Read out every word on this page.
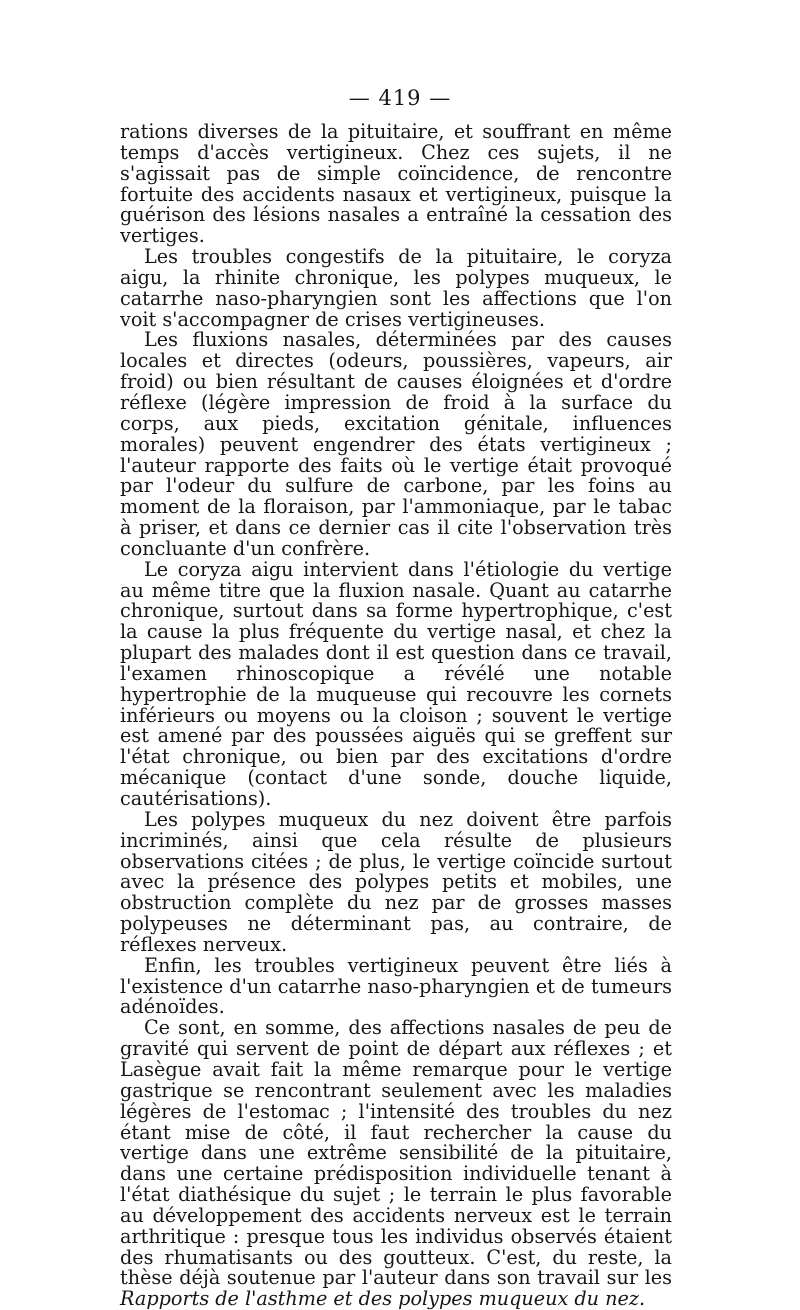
— 419 —

rations diverses de la pituitaire, et souffrant en même temps d'accès vertigineux. Chez ces sujets, il ne s'agissait pas de simple coïncidence, de rencontre fortuite des accidents nasaux et vertigineux, puisque la guérison des lésions nasales a entraîné la cessation des vertiges.

Les troubles congestifs de la pituitaire, le coryza aigu, la rhinite chronique, les polypes muqueux, le catarrhe naso-pharyngien sont les affections que l'on voit s'accompagner de crises vertigineuses.

Les fluxions nasales, déterminées par des causes locales et directes (odeurs, poussières, vapeurs, air froid) ou bien résultant de causes éloignées et d'ordre réflexe (légère impression de froid à la surface du corps, aux pieds, excitation génitale, influences morales) peuvent engendrer des états vertigineux ; l'auteur rapporte des faits où le vertige était provoqué par l'odeur du sulfure de carbone, par les foins au moment de la floraison, par l'ammoniaque, par le tabac à priser, et dans ce dernier cas il cite l'observation très concluante d'un confrère.

Le coryza aigu intervient dans l'étiologie du vertige au même titre que la fluxion nasale. Quant au catarrhe chronique, surtout dans sa forme hypertrophique, c'est la cause la plus fréquente du vertige nasal, et chez la plupart des malades dont il est question dans ce travail, l'examen rhinoscopique a révélé une notable hypertrophie de la muqueuse qui recouvre les cornets inférieurs ou moyens ou la cloison ; souvent le vertige est amené par des poussées aiguës qui se greffent sur l'état chronique, ou bien par des excitations d'ordre mécanique (contact d'une sonde, douche liquide, cautérisations).

Les polypes muqueux du nez doivent être parfois incriminés, ainsi que cela résulte de plusieurs observations citées ; de plus, le vertige coïncide surtout avec la présence des polypes petits et mobiles, une obstruction complète du nez par de grosses masses polypeuses ne déterminant pas, au contraire, de réflexes nerveux.

Enfin, les troubles vertigineux peuvent être liés à l'existence d'un catarrhe naso-pharyngien et de tumeurs adénoïdes.

Ce sont, en somme, des affections nasales de peu de gravité qui servent de point de départ aux réflexes ; et Lasègue avait fait la même remarque pour le vertige gastrique se rencontrant seulement avec les maladies légères de l'estomac ; l'intensité des troubles du nez étant mise de côté, il faut rechercher la cause du vertige dans une extrême sensibilité de la pituitaire, dans une certaine prédisposition individuelle tenant à l'état diathésique du sujet ; le terrain le plus favorable au développement des accidents nerveux est le terrain arthritique : presque tous les individus observés étaient des rhumatisants ou des goutteux. C'est, du reste, la thèse déjà soutenue par l'auteur dans son travail sur les Rapports de l'asthme et des polypes muqueux du nez.
